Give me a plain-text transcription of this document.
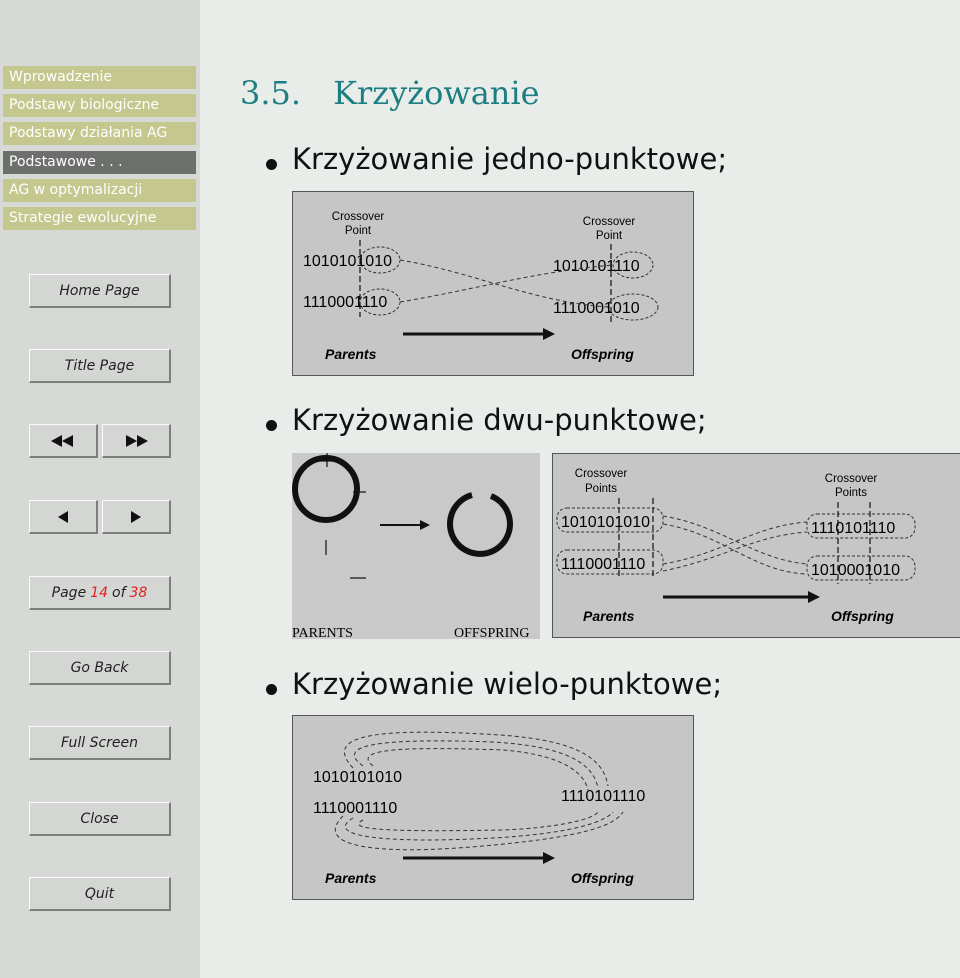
Wprowadzenie
Podstawy biologiczne
Podstawy działania AG
Podstawowe . . .
AG w optymalizacji
Strategie ewolucyjne
Home Page
Title Page
Page 14 of 38
Go Back
Full Screen
Close
Quit
3.5. Krzyżowanie
Krzyżowanie jedno-punktowe;
Crossover
Point
Crossover
Point
1010101010
1110001110
1010101110
1110001010
Parents	Offspring
Krzyżowanie dwu-punktowe;
PARENTS	OFFSPRING
Crossover
Points
Crossover
Points
1010101010
1110001110
1110101110
1010001010
Parents	Offspring
Krzyżowanie wielo-punktowe;
1010101010
1110001110
1110101110
Parents	Offspring
